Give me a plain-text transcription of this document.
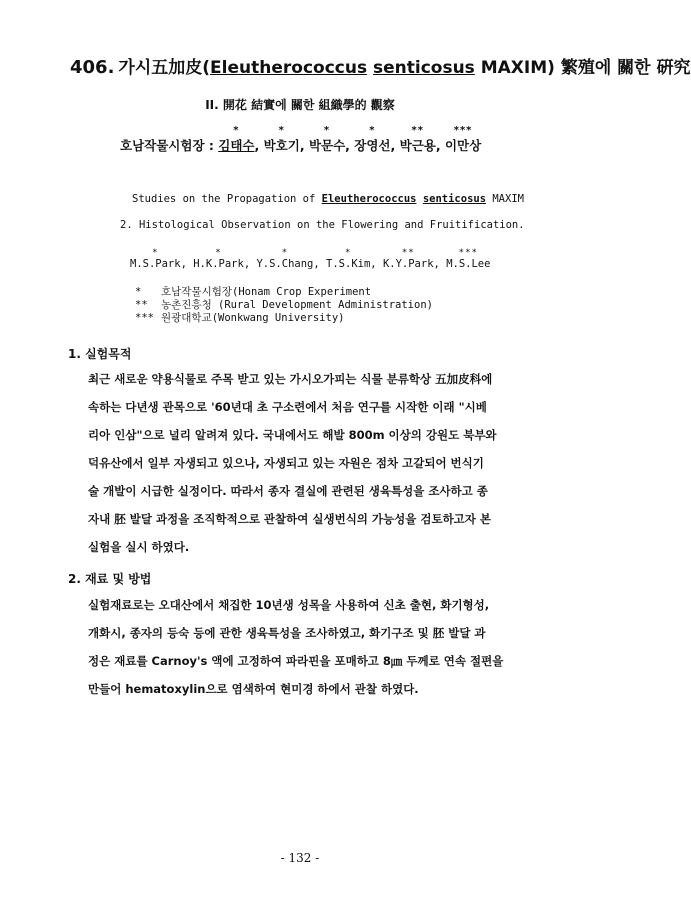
406. 가시五加皮(Eleutherococcus senticosus MAXIM) 繁殖에 關한 硏究
II. 開花 結實에 關한 組織學的 觀察
호남작물시험장 :
*
김태수,
*
박호기,
*
박문수,
*
장영선,
**
박근용,
***
이만상
Studies on the Propagation of Eleutherococcus senticosus MAXIM
2. Histological Observation on the Flowering and Fruitification.
*
M.S.Park,
*
H.K.Park,
*
Y.S.Chang,
*
T.S.Kim,
**
K.Y.Park,
***
M.S.Lee
* 호남작물시험장(Honam Crop Experiment
** 농촌진흥청 (Rural Development Administration)
*** 원광대학교(Wonkwang University)
1. 실험목적
최근 새로운 약용식물로 주목 받고 있는 가시오가피는 식물 분류학상 五加皮科에
속하는 다년생 관목으로 '60년대 초 구소련에서 처음 연구를 시작한 이래 "시베
리아 인삼"으로 널리 알려져 있다. 국내에서도 해발 800m 이상의 강원도 북부와
덕유산에서 일부 자생되고 있으나, 자생되고 있는 자원은 점차 고갈되어 번식기
술 개발이 시급한 실정이다. 따라서 종자 결실에 관련된 생육특성을 조사하고 종
자내 胚 발달 과정을 조직학적으로 관찰하여 실생번식의 가능성을 검토하고자 본
실험을 실시 하였다.
2. 재료 및 방법
실험재료로는 오대산에서 채집한 10년생 성목을 사용하여 신초 출현, 화기형성,
개화시, 종자의 등숙 등에 관한 생육특성을 조사하였고, 화기구조 및 胚 발달 과
정은 재료를 Carnoy's 액에 고정하여 파라핀을 포매하고 8㎛ 두께로 연속 절편을
만들어 hematoxylin으로 염색하여 현미경 하에서 관찰 하였다.
- 132 -
